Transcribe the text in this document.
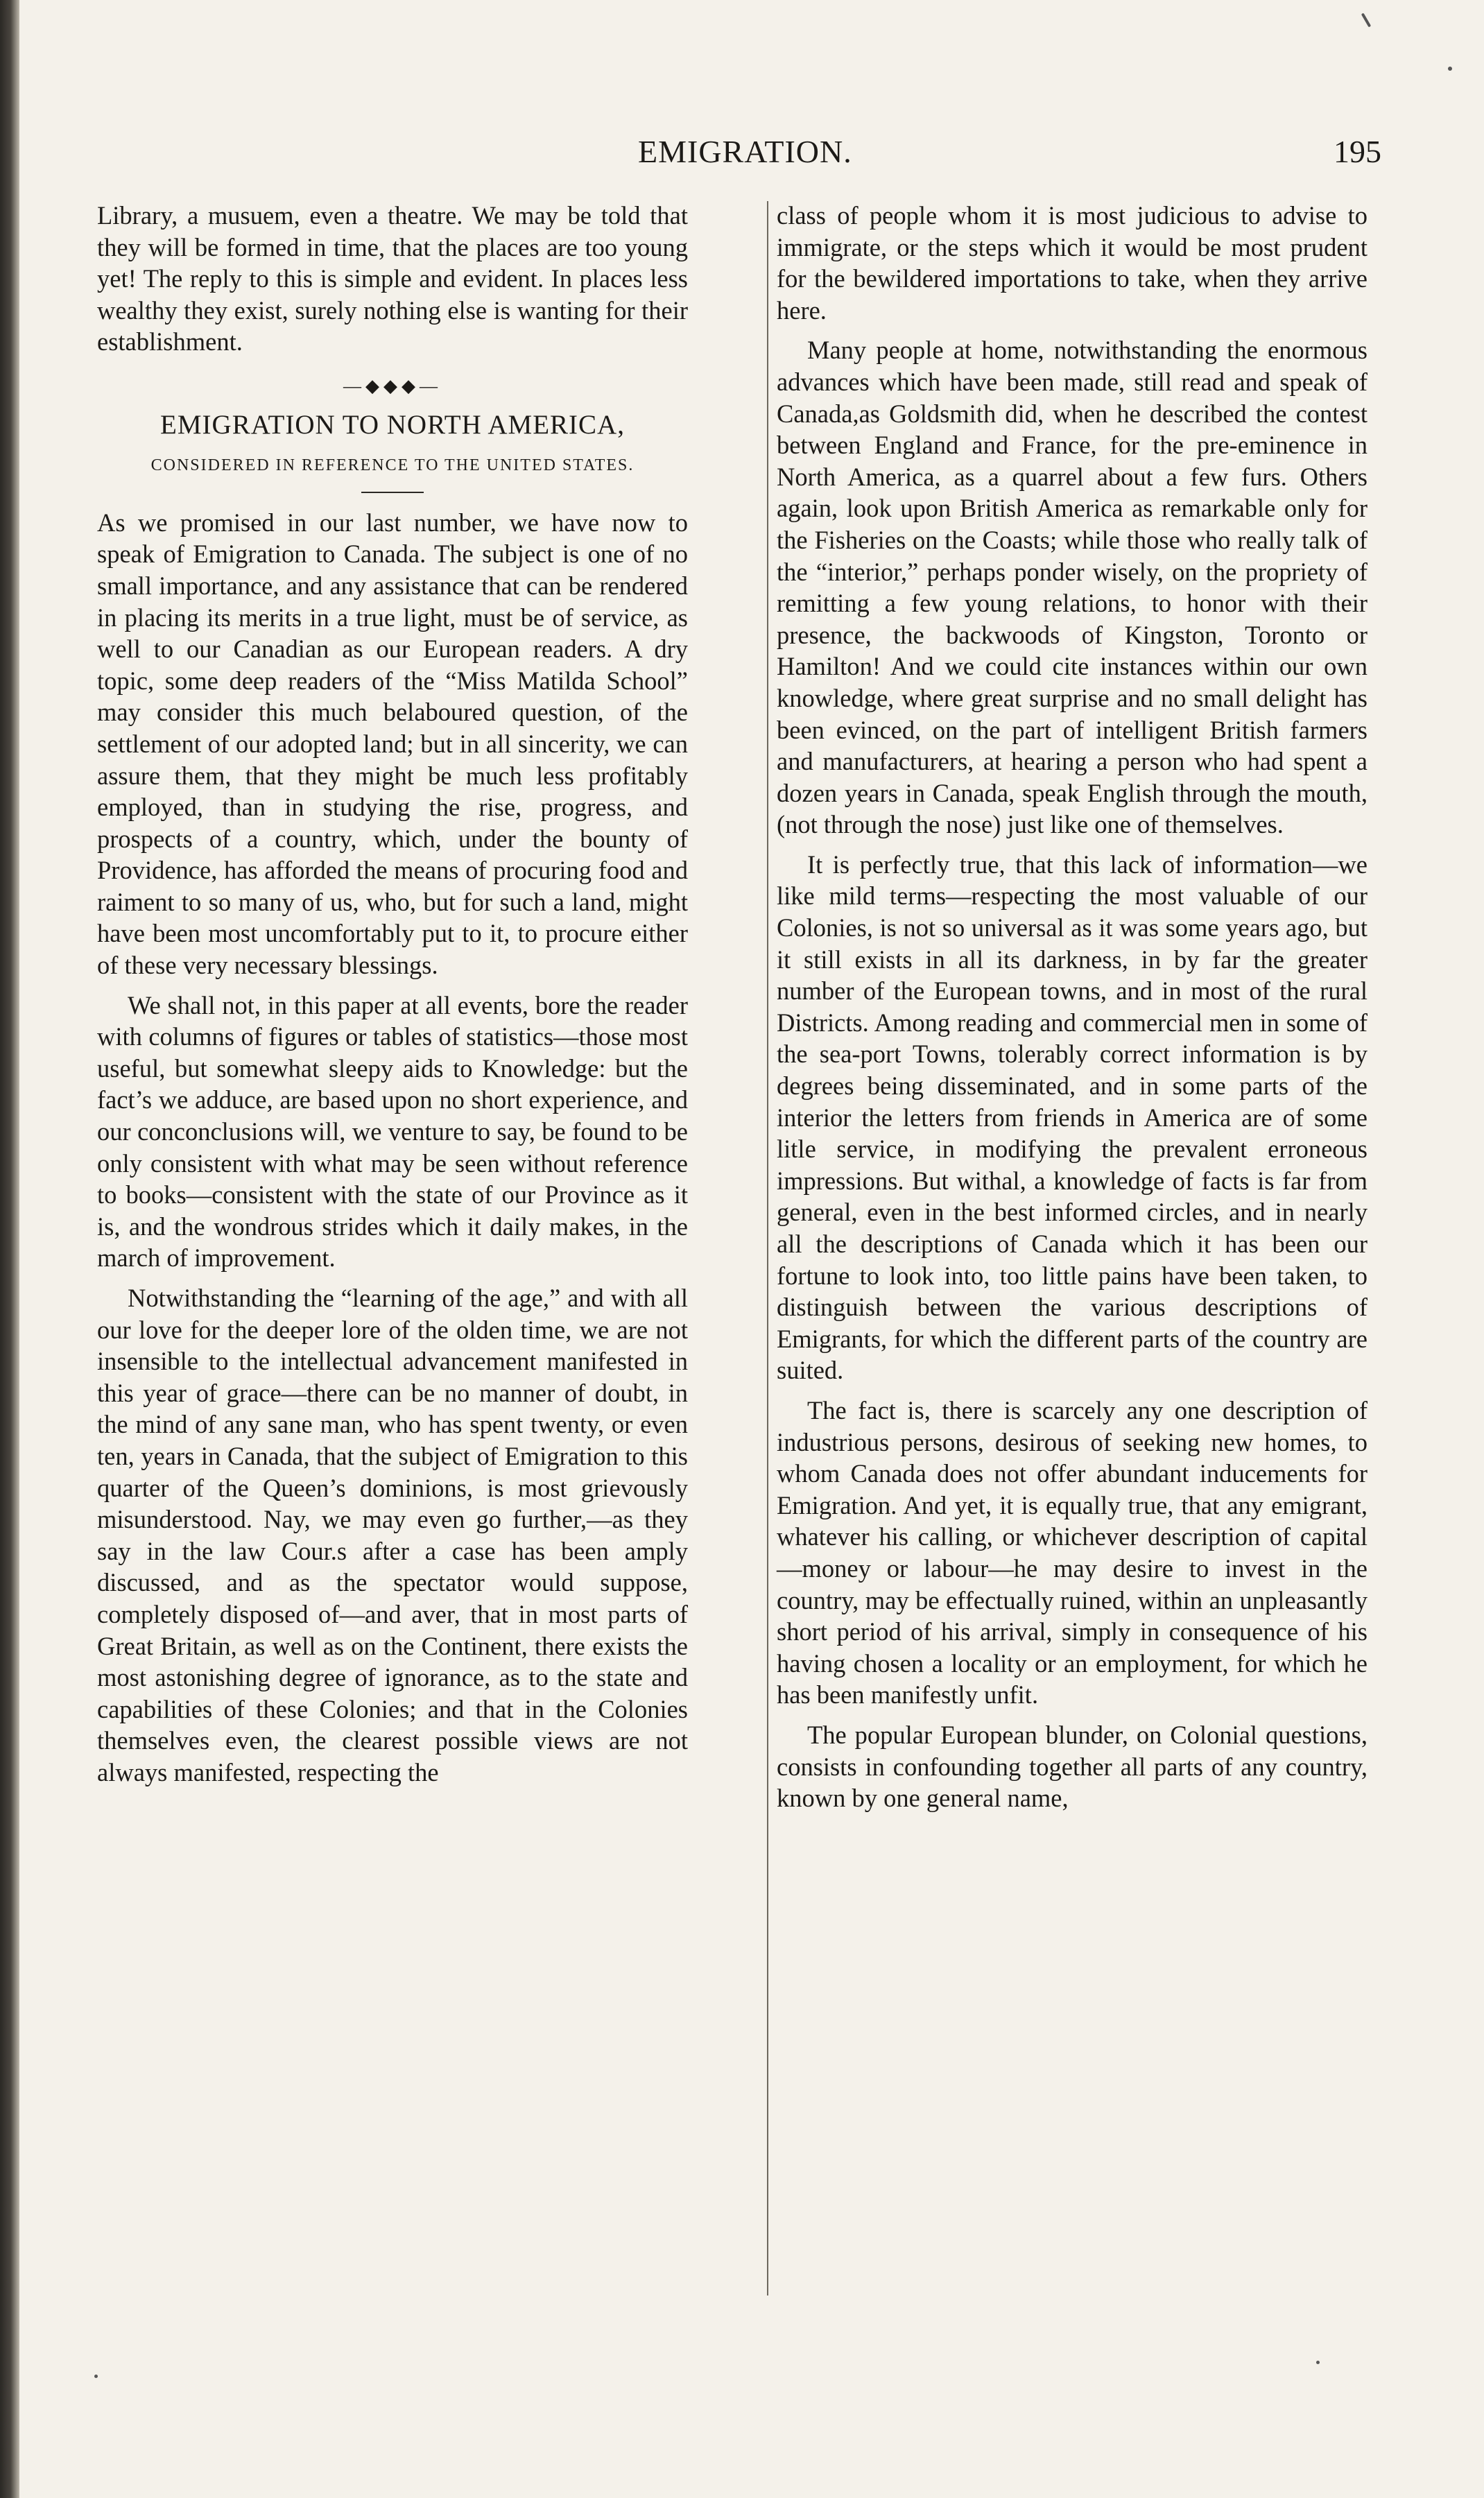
EMIGRATION.	195

Library, a musuem, even a theatre. We may be told that they will be formed in time, that the places are too young yet! The reply to this is simple and evident. In places less wealthy they exist, surely nothing else is wanting for their establishment.

—◆◆◆—
EMIGRATION TO NORTH AMERICA,
CONSIDERED IN REFERENCE TO THE UNITED STATES.

As we promised in our last number, we have now to speak of Emigration to Canada. The subject is one of no small importance, and any assistance that can be rendered in placing its merits in a true light, must be of service, as well to our Canadian as our European readers. A dry topic, some deep readers of the “Miss Matilda School” may consider this much belaboured question, of the settlement of our adopted land; but in all sincerity, we can assure them, that they might be much less profitably employed, than in studying the rise, progress, and prospects of a country, which, under the bounty of Providence, has afforded the means of procuring food and raiment to so many of us, who, but for such a land, might have been most uncomfortably put to it, to procure either of these very necessary blessings.

We shall not, in this paper at all events, bore the reader with columns of figures or tables of statistics—those most useful, but somewhat sleepy aids to Knowledge: but the fact’s we adduce, are based upon no short experience, and our conconclusions will, we venture to say, be found to be only consistent with what may be seen without reference to books—consistent with the state of our Province as it is, and the wondrous strides which it daily makes, in the march of improvement.

Notwithstanding the “learning of the age,” and with all our love for the deeper lore of the olden time, we are not insensible to the intellectual advancement manifested in this year of grace—there can be no manner of doubt, in the mind of any sane man, who has spent twenty, or even ten, years in Canada, that the subject of Emigration to this quarter of the Queen’s dominions, is most grievously misunderstood. Nay, we may even go further,—as they say in the law Cour.s after a case has been amply discussed, and as the spectator would suppose, completely disposed of—and aver, that in most parts of Great Britain, as well as on the Continent, there exists the most astonishing degree of ignorance, as to the state and capabilities of these Colonies; and that in the Colonies themselves even, the clearest possible views are not always manifested, respecting the

class of people whom it is most judicious to advise to immigrate, or the steps which it would be most prudent for the bewildered importations to take, when they arrive here.

Many people at home, notwithstanding the enormous advances which have been made, still read and speak of Canada,as Goldsmith did, when he described the contest between England and France, for the pre-eminence in North America, as a quarrel about a few furs. Others again, look upon British America as remarkable only for the Fisheries on the Coasts; while those who really talk of the “interior,” perhaps ponder wisely, on the propriety of remitting a few young relations, to honor with their presence, the backwoods of Kingston, Toronto or Hamilton! And we could cite instances within our own knowledge, where great surprise and no small delight has been evinced, on the part of intelligent British farmers and manufacturers, at hearing a person who had spent a dozen years in Canada, speak English through the mouth, (not through the nose) just like one of themselves.

It is perfectly true, that this lack of information—we like mild terms—respecting the most valuable of our Colonies, is not so universal as it was some years ago, but it still exists in all its darkness, in by far the greater number of the European towns, and in most of the rural Districts. Among reading and commercial men in some of the sea-port Towns, tolerably correct information is by degrees being disseminated, and in some parts of the interior the letters from friends in America are of some litle service, in modifying the prevalent erroneous impressions. But withal, a knowledge of facts is far from general, even in the best informed circles, and in nearly all the descriptions of Canada which it has been our fortune to look into, too little pains have been taken, to distinguish between the various descriptions of Emigrants, for which the different parts of the country are suited.

The fact is, there is scarcely any one description of industrious persons, desirous of seeking new homes, to whom Canada does not offer abundant inducements for Emigration. And yet, it is equally true, that any emigrant, whatever his calling, or whichever description of capital—money or labour—he may desire to invest in the country, may be effectually ruined, within an unpleasantly short period of his arrival, simply in consequence of his having chosen a locality or an employment, for which he has been manifestly unfit.

The popular European blunder, on Colonial questions, consists in confounding together all parts of any country, known by one general name,
